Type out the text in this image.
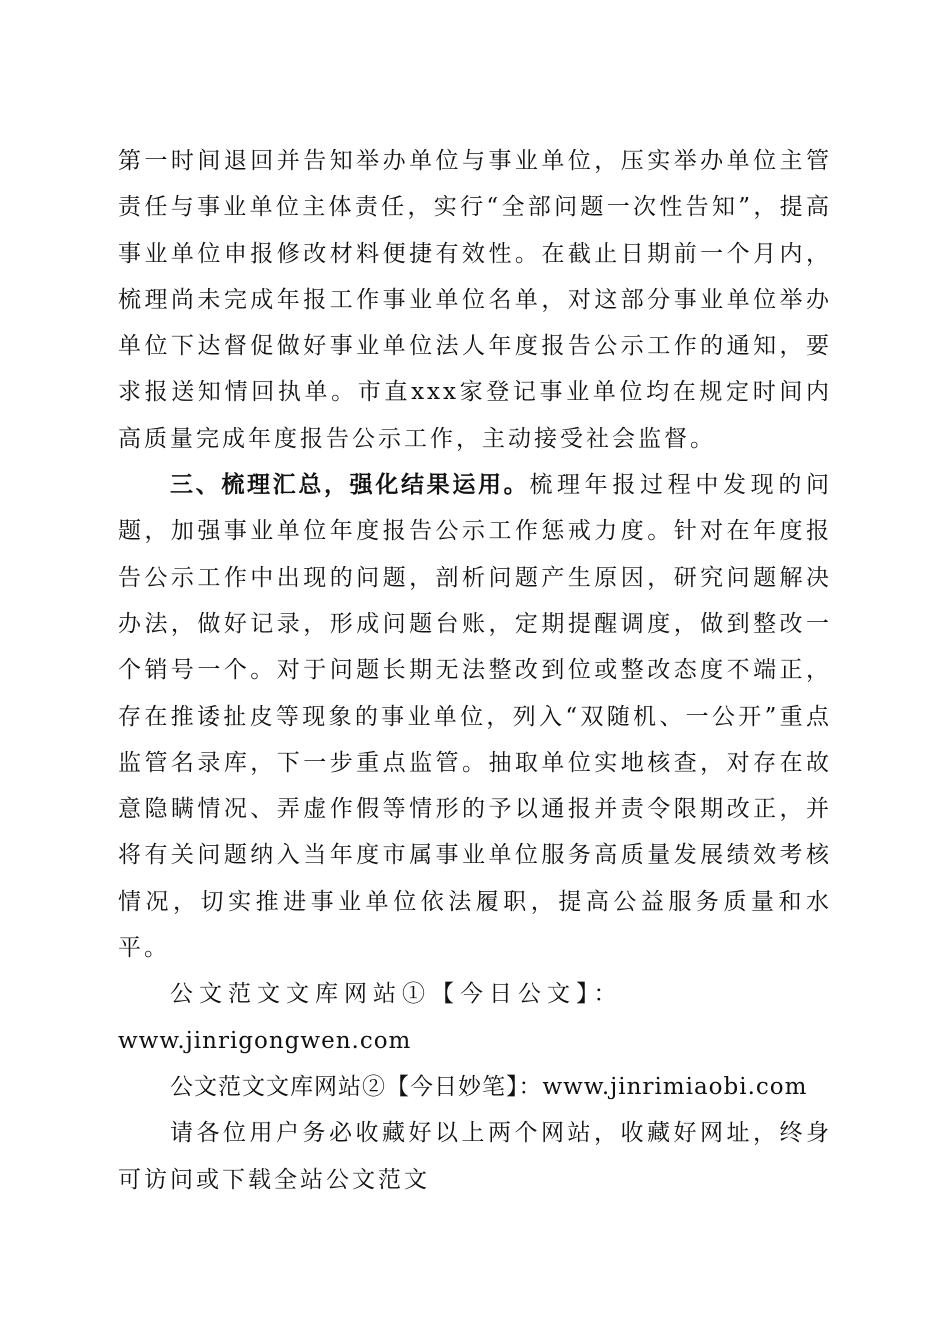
第一时间退回并告知举办单位与事业单位，压实举办单位主管责任与事业单位主体责任，实行“全部问题一次性告知”，提高事业单位申报修改材料便捷有效性。在截止日期前一个月内，梳理尚未完成年报工作事业单位名单，对这部分事业单位举办单位下达督促做好事业单位法人年度报告公示工作的通知，要求报送知情回执单。市直xxx家登记事业单位均在规定时间内高质量完成年度报告公示工作，主动接受社会监督。

三、梳理汇总，强化结果运用。梳理年报过程中发现的问题，加强事业单位年度报告公示工作惩戒力度。针对在年度报告公示工作中出现的问题，剖析问题产生原因，研究问题解决办法，做好记录，形成问题台账，定期提醒调度，做到整改一个销号一个。对于问题长期无法整改到位或整改态度不端正，存在推诿扯皮等现象的事业单位，列入“双随机、一公开”重点监管名录库，下一步重点监管。抽取单位实地核查，对存在故意隐瞒情况、弄虚作假等情形的予以通报并责令限期改正，并将有关问题纳入当年度市属事业单位服务高质量发展绩效考核情况，切实推进事业单位依法履职，提高公益服务质量和水平。

公文范文文库网站①【今日公文】：

www.jinrigongwen.com

公文范文文库网站②【今日妙笔】：www.jinrimiaobi.com

请各位用户务必收藏好以上两个网站，收藏好网址，终身可访问或下载全站公文范文
